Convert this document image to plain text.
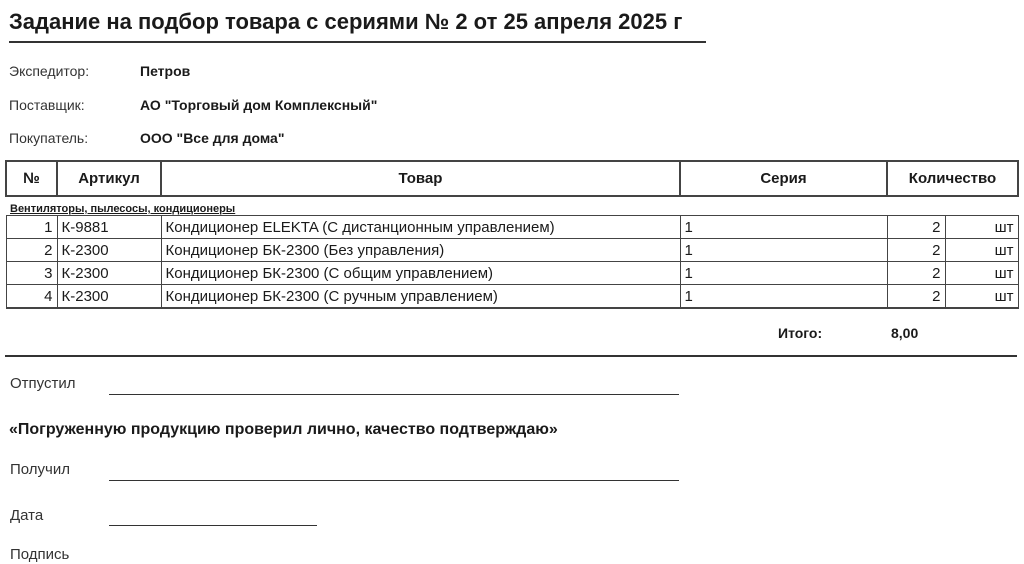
Задание на подбор товара с сериями № 2 от 25 апреля 2025 г
Экспедитор:	Петров
Поставщик:	АО "Торговый дом Комплексный"
Покупатель:	ООО "Все для дома"
№	Артикул	Товар	Серия	Количество	
Вентиляторы, пылесосы, кондиционеры					
1	К-9881	Кондиционер ELEKTA (С дистанционным управлением)	1	2	шт
2	К-2300	Кондиционер БК-2300 (Без управления)	1	2	шт
3	К-2300	Кондиционер БК-2300 (С общим управлением)	1	2	шт
4	К-2300	Кондиционер БК-2300 (С ручным управлением)	1	2	шт
Итого:	8,00
Отпустил
«Погруженную продукцию проверил лично, качество подтверждаю»
Получил
Дата
Подпись
